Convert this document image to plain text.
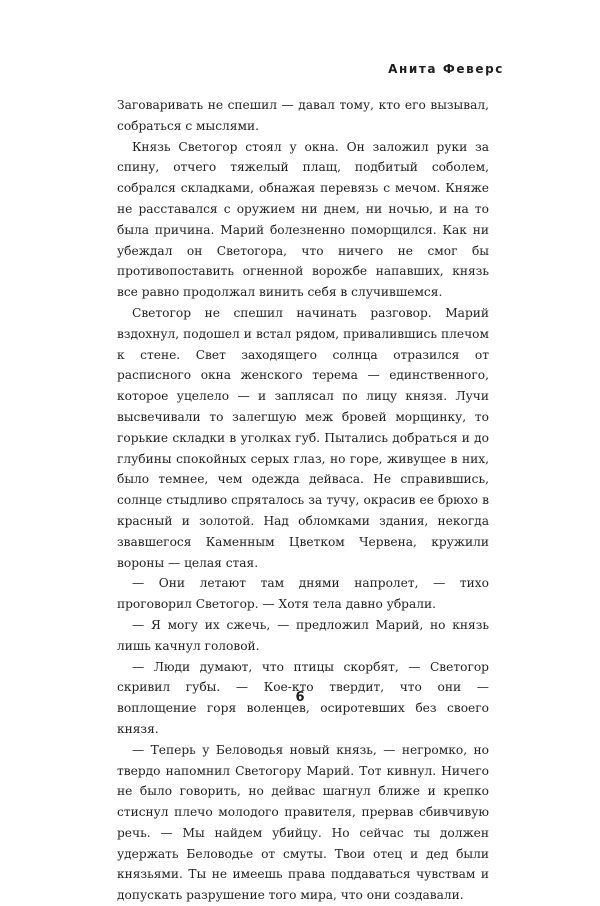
Анита Феверс

Заговаривать не спешил — давал тому, кто его вызывал, собраться с мыслями.

Князь Светогор стоял у окна. Он заложил руки за спину, отчего тяжелый плащ, подбитый соболем, собрался складками, обнажая перевязь с мечом. Княже не расставался с оружием ни днем, ни ночью, и на то была причина. Марий болезненно поморщился. Как ни убеждал он Светогора, что ничего не смог бы противопоставить огненной ворожбе напавших, князь все равно продолжал винить себя в случившемся.

Светогор не спешил начинать разговор. Марий вздохнул, подошел и встал рядом, привалившись плечом к стене. Свет заходящего солнца отразился от расписного окна женского терема — единственного, которое уцелело — и заплясал по лицу князя. Лучи высвечивали то залегшую меж бровей морщинку, то горькие складки в уголках губ. Пытались добраться и до глубины спокойных серых глаз, но горе, живущее в них, было темнее, чем одежда дейваса. Не справившись, солнце стыдливо спряталось за тучу, окрасив ее брюхо в красный и золотой. Над обломками здания, некогда звавшегося Каменным Цветком Червена, кружили вороны — целая стая.

— Они летают там днями напролет, — тихо проговорил Светогор. — Хотя тела давно убрали.

— Я могу их сжечь, — предложил Марий, но князь лишь качнул головой.

— Люди думают, что птицы скорбят, — Светогор скривил губы. — Кое-кто твердит, что они — воплощение горя воленцев, осиротевших без своего князя.

— Теперь у Беловодья новый князь, — негромко, но твердо напомнил Светогору Марий. Тот кивнул. Ничего не было говорить, но дейвас шагнул ближе и крепко стиснул плечо молодого правителя, прервав сбивчивую речь. — Мы найдем убийцу. Но сейчас ты должен удержать Беловодье от смуты. Твои отец и дед были князьями. Ты не имеешь права поддаваться чувствам и допускать разрушение того мира, что они создавали.

6
